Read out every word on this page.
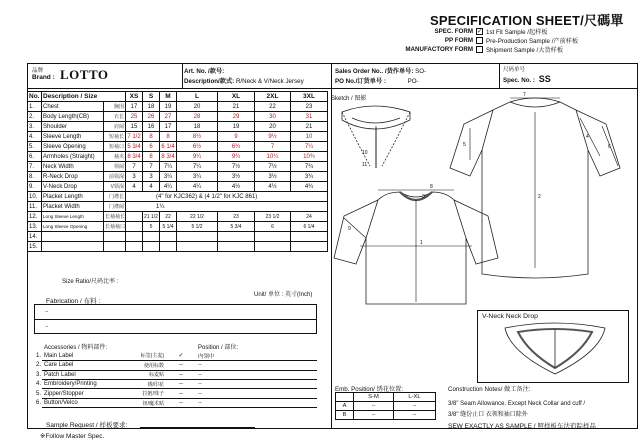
SPECIFICATION SHEET/尺碼單
SPEC. FORM ✓ 1st Fit Sample /起样板
PP FORM	Pre-Production Sample /产前样板
MANUFACTORY FORM	Shipment Sample /大货样板
品牌
Brand : LOTTO	Art. No. /款号:
Description/款式: R/Neck & V/Neck Jersey
Sales Order No.. /货作单号: SO-
PO No./订货单号 :	PO-
尺码单号
Spec. No. : SS
No.	Description / Size		XS	S	M	L	XL	2XL	3XL
1.	Chest	胸围	17	18	19	20	21	22	23
2.	Body Length(CB)	衣长	25	26	27	28	29	30	31
3.	Shoulder	肩阔	15	16	17	18	19	20	21
4.	Sleeve Length	短袖长	7 1/2	8	8	8½	9	9½	10
5.	Sleeve Opening	短袖口	5 3/4	6	6 1/4	6½	6¾	7	7¼
6.	Armholes (Straight)	袖夹	8 3/4	8	8 3/4	9¼	9¾	10¼	10¾
7.	Neck Width	领阔	7	7	7¼	7¼	7½	7½	7¾
8.	R-Neck Drop	前领深	3	3	3¼	3¼	3½	3½	3¾
9.	V-Neck Drop	V领深	4	4	4¼	4¼	4½	4½	4¾
10.	Placket Length	门襟长	(4" for KJC362) & (4 1/2" for KJC 861)						
11.	Placket Width	门襟阔	1¼						
12.	Long Sleeve Length	长袖袖长		21 1/2	22	22 1/2	23	23 1/2	24
13.	Long Sleeve Opening	长袖袖口		5	5 1/4	5 1/2	5 3/4	6	6 1/4
14.									
15.									
Size Ratio/尺码比率 :
Unit/ 单位 : 英寸(Inch)
Fabrication / 布料 :
--
--
	Accessories / 物料部件:			Position / 部位:
1.	Main Label	标签(主麦)	✓	内领中
2.	Care Label	使用标数	--	--
3.	Patch Label	标麦贴	--	--
4.	Embroidery/Printing	绣/印花	--	--
5.	Zipper/Stopper	拉链/珠子	--	--
6.	Button/Velco	钮/魔术贴	--	--
Sample Request / 样板要求:
※Follow Master Spec.
Sketch / 图影
7
8
10
11
5	6
4
3
1
2
9
V-Neck Neck Drop
Emb. Position/ 绣花位置:
	S-M	L-XL
A	--	--
B	--	--
Construction Notes/ 做工备注:
3/8" Seam Allowance. Except Neck Collar and cuff /
3/8" 缝份止口 衣领和袖口除外
SEW EXACTLY AS SAMPLE / 照样板车法追踪样品
